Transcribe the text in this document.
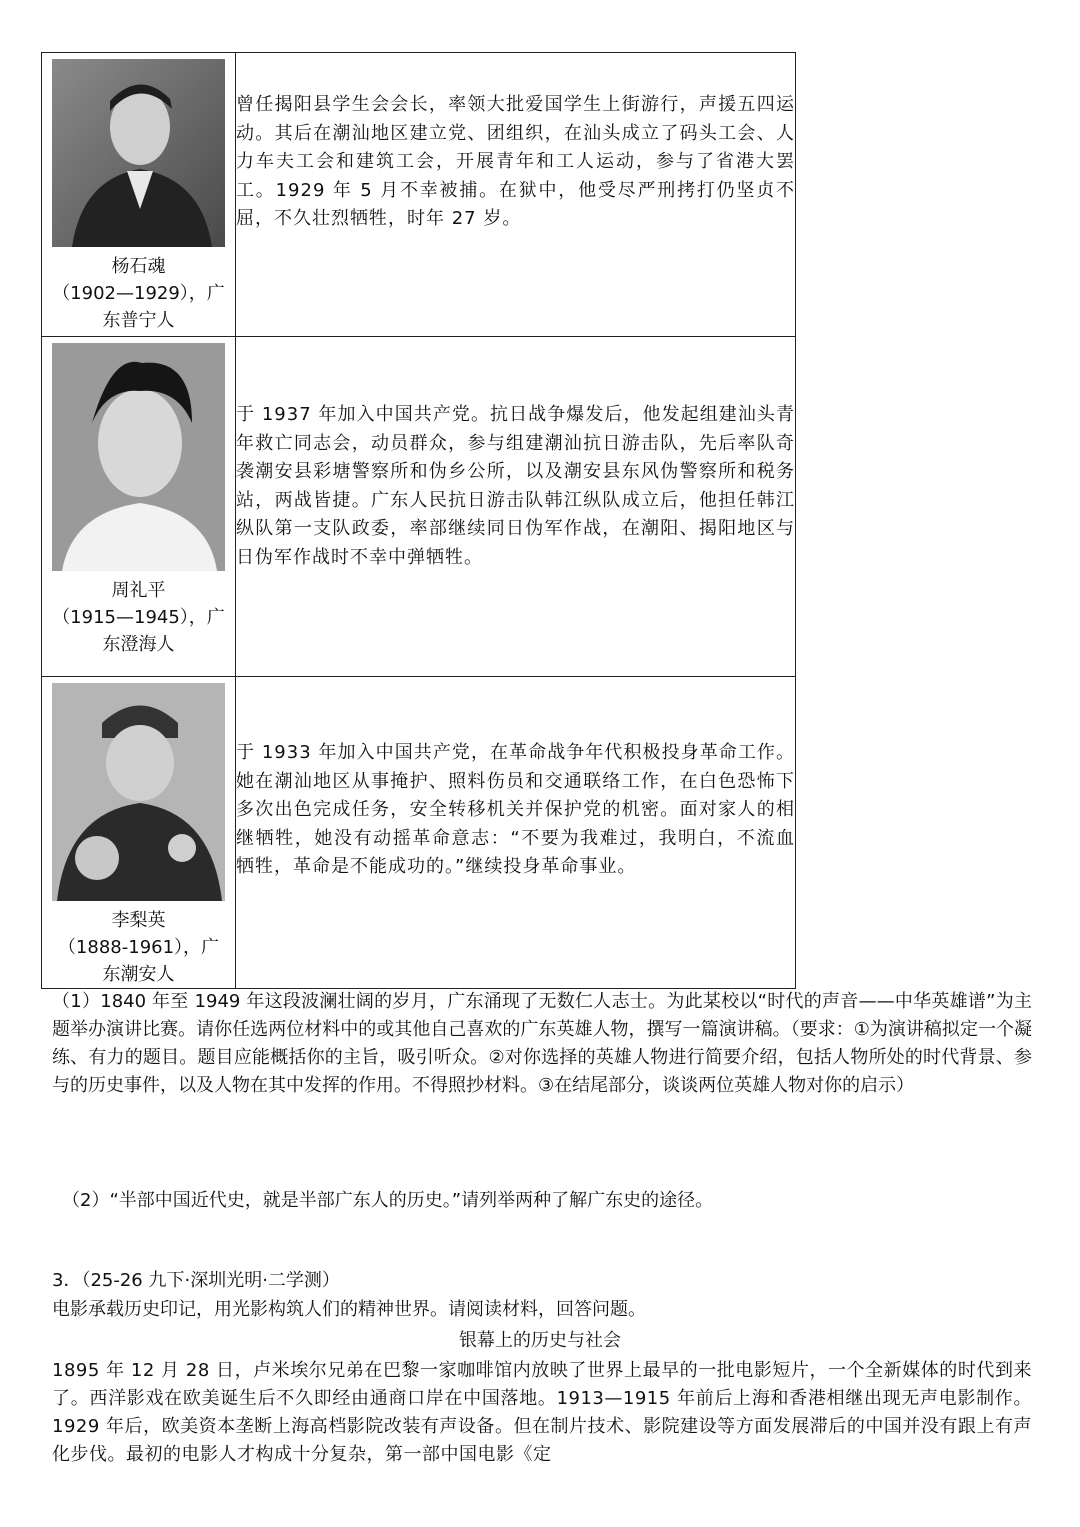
杨石魂
（1902—1929），广
东普宁人	曾任揭阳县学生会会长，率领大批爱国学生上街游行，声援五四运动。其后在潮汕地区建立党、团组织，在汕头成立了码头工会、人力车夫工会和建筑工会，开展青年和工人运动，参与了省港大罢工。1929 年 5 月不幸被捕。在狱中，他受尽严刑拷打仍坚贞不屈，不久壮烈牺牲，时年 27 岁。

周礼平
（1915—1945），广
东澄海人	于 1937 年加入中国共产党。抗日战争爆发后，他发起组建汕头青年救亡同志会，动员群众，参与组建潮汕抗日游击队，先后率队奇袭潮安县彩塘警察所和伪乡公所，以及潮安县东风伪警察所和税务站，两战皆捷。广东人民抗日游击队韩江纵队成立后，他担任韩江纵队第一支队政委，率部继续同日伪军作战，在潮阳、揭阳地区与日伪军作战时不幸中弹牺牲。

李梨英
（1888-1961），广
东潮安人	于 1933 年加入中国共产党，在革命战争年代积极投身革命工作。她在潮汕地区从事掩护、照料伤员和交通联络工作，在白色恐怖下多次出色完成任务，安全转移机关并保护党的机密。面对家人的相继牺牲，她没有动摇革命意志：“不要为我难过，我明白，不流血牺牲，革命是不能成功的。”继续投身革命事业。
（1）1840 年至 1949 年这段波澜壮阔的岁月，广东涌现了无数仁人志士。为此某校以“时代的声音——中华英雄谱”为主题举办演讲比赛。请你任选两位材料中的或其他自己喜欢的广东英雄人物，撰写一篇演讲稿。（要求：①为演讲稿拟定一个凝练、有力的题目。题目应能概括你的主旨，吸引听众。②对你选择的英雄人物进行简要介绍，包括人物所处的时代背景、参与的历史事件，以及人物在其中发挥的作用。不得照抄材料。③在结尾部分，谈谈两位英雄人物对你的启示）
（2）“半部中国近代史，就是半部广东人的历史。”请列举两种了解广东史的途径。
3．（25-26 九下·深圳光明·二学测）
电影承载历史印记，用光影构筑人们的精神世界。请阅读材料，回答问题。
银幕上的历史与社会
1895 年 12 月 28 日，卢米埃尔兄弟在巴黎一家咖啡馆内放映了世界上最早的一批电影短片，一个全新媒体的时代到来了。西洋影戏在欧美诞生后不久即经由通商口岸在中国落地。1913—1915 年前后上海和香港相继出现无声电影制作。1929 年后，欧美资本垄断上海高档影院改装有声设备。但在制片技术、影院建设等方面发展滞后的中国并没有跟上有声化步伐。最初的电影人才构成十分复杂，第一部中国电影《定
